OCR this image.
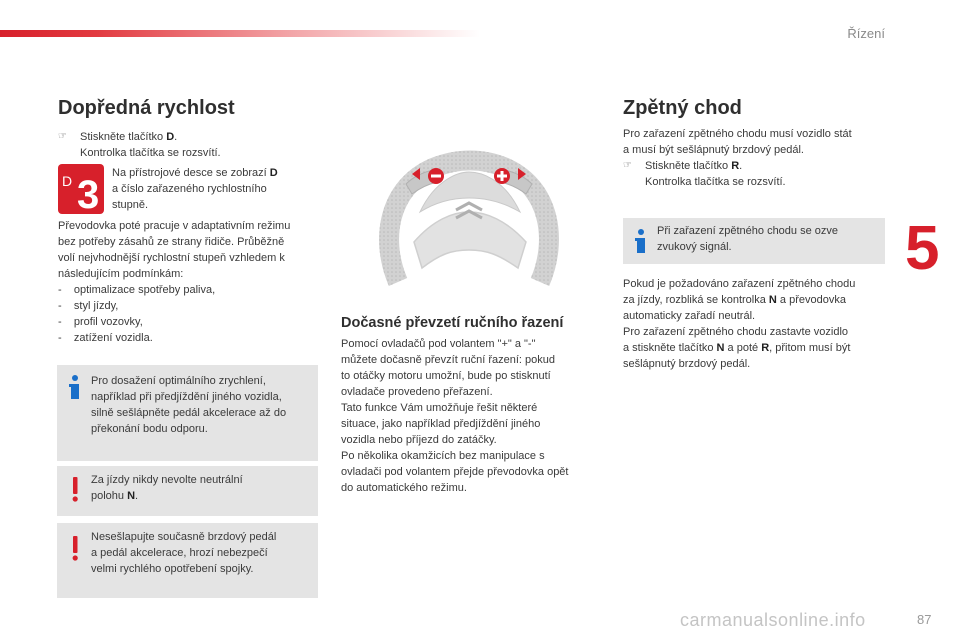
Řízení
5
carmanualsonline.info	87
Dopředná rychlost
☞	Stiskněte tlačítko D.
Kontrolka tlačítka se rozsvítí.
D 3 Na přístrojové desce se zobrazí D

a číslo zařazeného rychlostního

stupně.

Převodovka poté pracuje v adaptativním režimu

bez potřeby zásahů ze strany řidiče. Průběžně

volí nejvhodnější rychlostní stupeň vzhledem k

následujícím podmínkám:

-    optimalizace spotřeby paliva,

-    styl jízdy,

-    profil vozovky,

-    zatížení vozidla.

Pro dosažení optimálního zrychlení,

například při předjíždění jiného vozidla,

silně sešlápněte pedál akcelerace až do

překonání bodu odporu.

Za jízdy nikdy nevolte neutrální

polohu N.

Nesešlapujte současně brzdový pedál

a pedál akcelerace, hrozí nebezpečí

velmi rychlého opotřebení spojky.

Dočasné převzetí ručního řazení

Pomocí ovladačů pod volantem "+" a "-"

můžete dočasně převzít ruční řazení: pokud

to otáčky motoru umožní, bude po stisknutí

ovladače provedeno přeřazení.

Tato funkce Vám umožňuje řešit některé

situace, jako například předjíždění jiného

vozidla nebo příjezd do zatáčky.

Po několika okamžicích bez manipulace s

ovladači pod volantem přejde převodovka opět

do automatického režimu.

Zpětný chod

Pro zařazení zpětného chodu musí vozidlo stát

a musí být sešlápnutý brzdový pedál.

☞	Stiskněte tlačítko R.
Kontrolka tlačítka se rozsvítí.

Při zařazení zpětného chodu se ozve

zvukový signál.

Pokud je požadováno zařazení zpětného chodu

za jízdy, rozbliká se kontrolka N a převodovka

automaticky zařadí neutrál.

Pro zařazení zpětného chodu zastavte vozidlo

a stiskněte tlačítko N a poté R, přitom musí být

sešlápnutý brzdový pedál.
